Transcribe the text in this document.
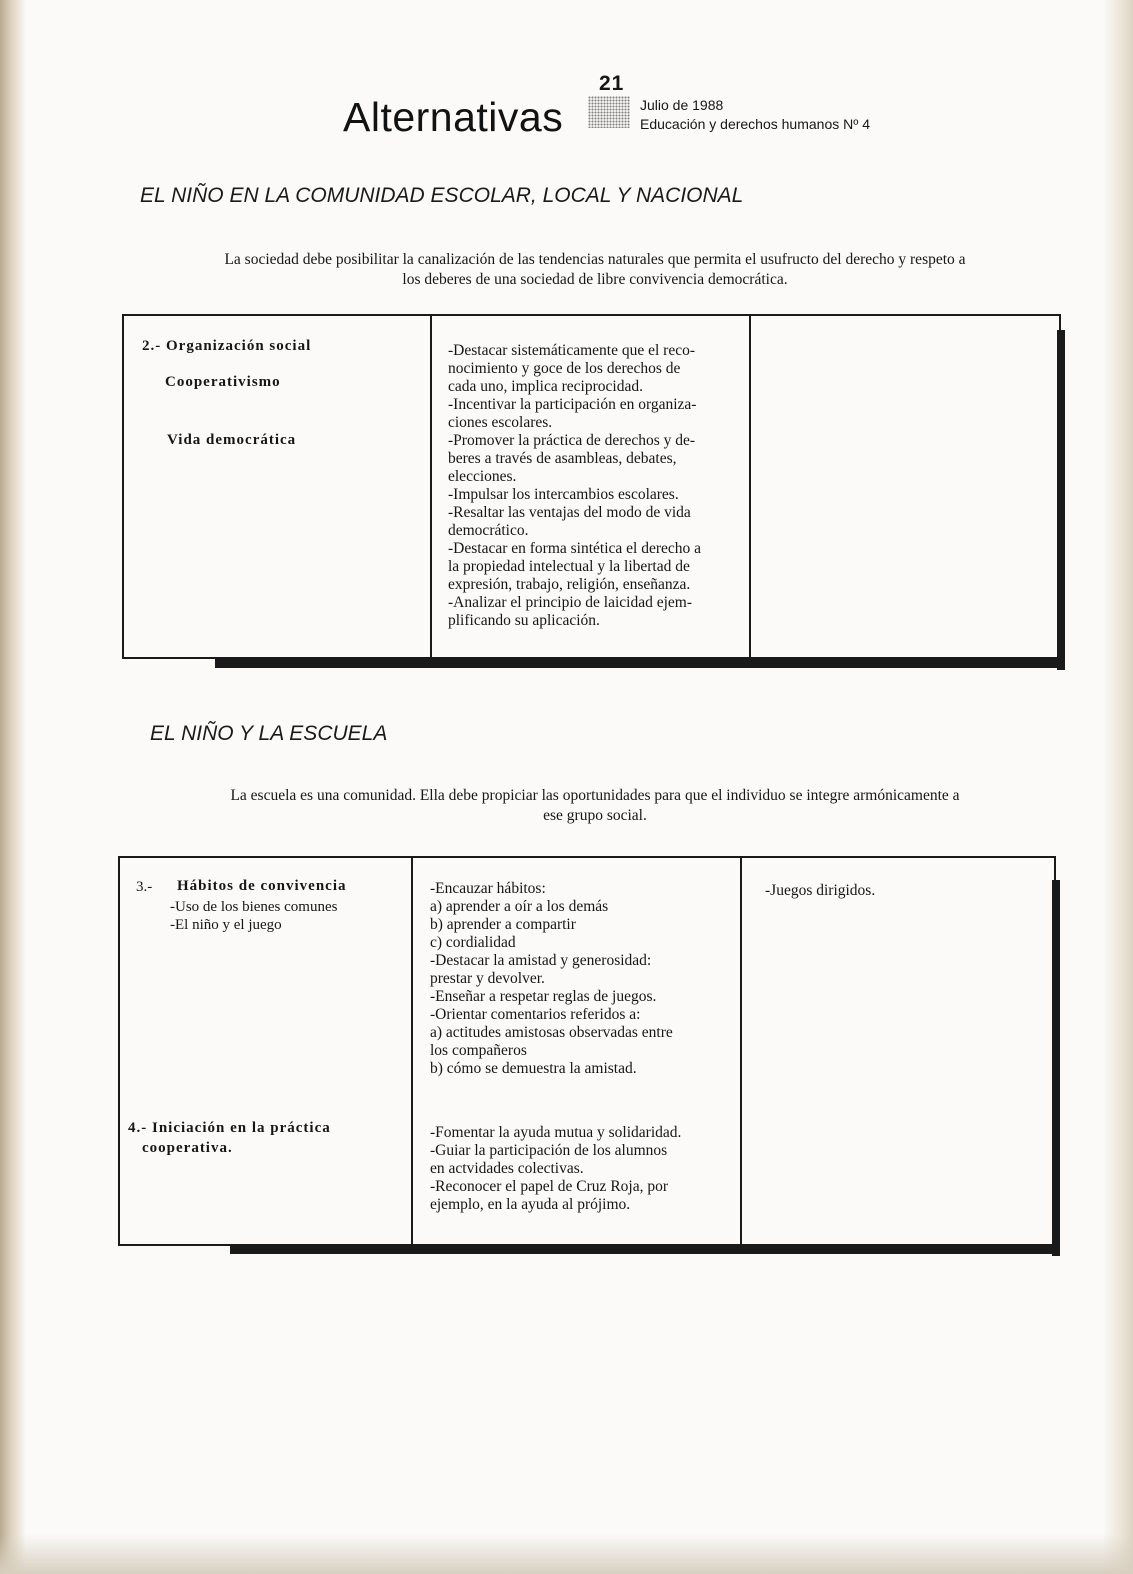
21
Alternativas	Julio de 1988
Educación y derechos humanos Nº 4
EL NIÑO EN LA COMUNIDAD ESCOLAR, LOCAL Y NACIONAL
La sociedad debe posibilitar la canalización de las tendencias naturales que permita el usufructo del derecho y respeto a
los deberes de una sociedad de libre convivencia democrática.
2.- Organización social
Cooperativismo
Vida democrática
-Destacar sistemáticamente que el reco-
nocimiento y goce de los derechos de
cada uno, implica reciprocidad.
-Incentivar la participación en organiza-
ciones escolares.
-Promover la práctica de derechos y de-
beres a través de asambleas, debates,
elecciones.
-Impulsar los intercambios escolares.
-Resaltar las ventajas del modo de vida
democrático.
-Destacar en forma sintética el derecho a
la propiedad intelectual y la libertad de
expresión, trabajo, religión, enseñanza.
-Analizar el principio de laicidad ejem-
plificando su aplicación.
EL NIÑO Y LA ESCUELA
La escuela es una comunidad. Ella debe propiciar las oportunidades para que el individuo se integre armónicamente a
ese grupo social.
3.- Hábitos de convivencia
-Uso de los bienes comunes
-El niño y el juego
-Encauzar hábitos:
a) aprender a oír a los demás
b) aprender a compartir
c) cordialidad
-Destacar la amistad y generosidad:
prestar y devolver.
-Enseñar a respetar reglas de juegos.
-Orientar comentarios referidos a:
a) actitudes amistosas observadas entre
los compañeros
b) cómo se demuestra la amistad.
-Juegos dirigidos.
4.- Iniciación en la práctica
cooperativa.
-Fomentar la ayuda mutua y solidaridad.
-Guiar la participación de los alumnos
en actvidades colectivas.
-Reconocer el papel de Cruz Roja, por
ejemplo, en la ayuda al prójimo.
